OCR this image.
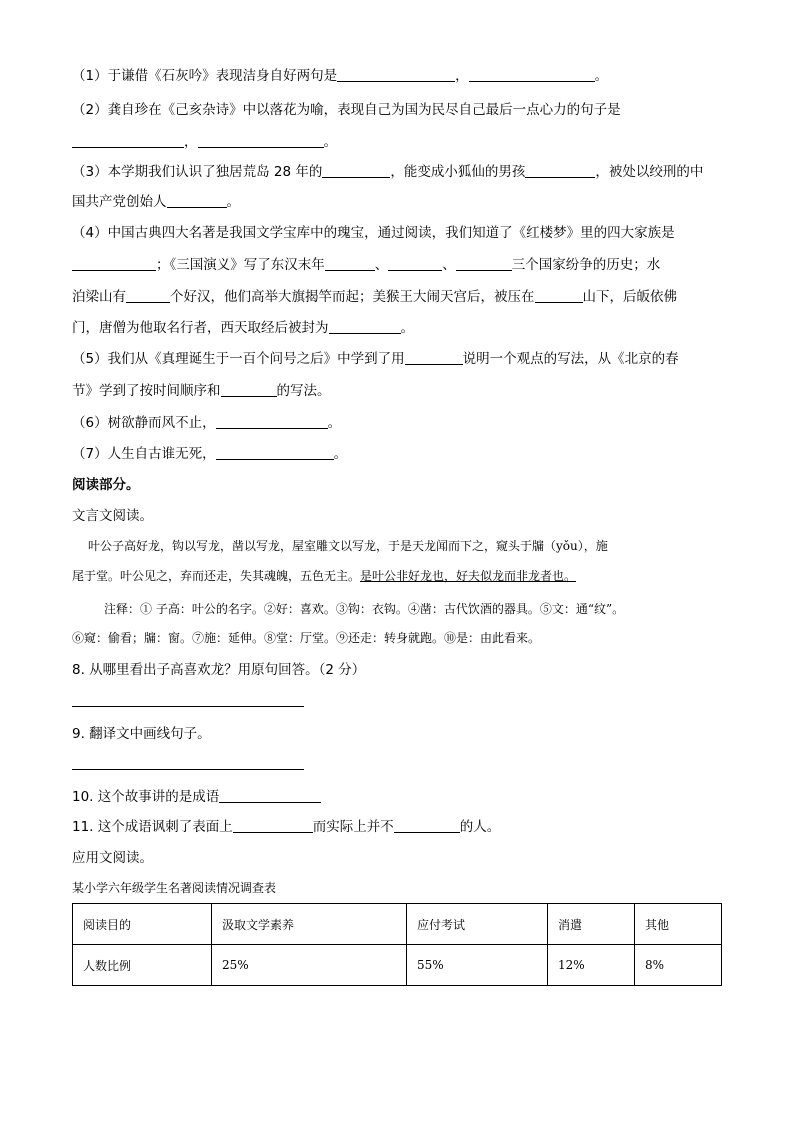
（1）于谦借《石灰吟》表现洁身自好两句是	，	。
（2）龚自珍在《己亥杂诗》中以落花为喻，表现自己为国为民尽自己最后一点心力的句子是
，	。
（3）本学期我们认识了独居荒岛 28 年的	，能变成小狐仙的男孩	，被处以绞刑的中
国共产党创始人	。
（4）中国古典四大名著是我国文学宝库中的瑰宝，通过阅读，我们知道了《红楼梦》里的四大家族是
；《三国演义》写了东汉末年	、	、	三个国家纷争的历史；水
泊梁山有	个好汉，他们高举大旗揭竿而起；美猴王大闹天宫后，被压在	山下，后皈依佛
门，唐僧为他取名行者，西天取经后被封为	。
（5）我们从《真理诞生于一百个问号之后》中学到了用	说明一个观点的写法，从《北京的春
节》学到了按时间顺序和	的写法。
（6）树欲静而风不止，	。
（7）人生自古谁无死，	。
阅读部分。
文言文阅读。
叶公子高好龙，钩以写龙，凿以写龙，屋室雕文以写龙，于是天龙闻而下之，窥头于牖（yǒu），施
尾于堂。叶公见之，弃而还走，失其魂魄，五色无主。是叶公非好龙也，好夫似龙而非龙者也。
注释：① 子高：叶公的名字。②好：喜欢。③钩：衣钩。④凿：古代饮酒的器具。⑤文：通“纹”。
⑥窥：偷看；牖：窗。⑦施：延伸。⑧堂：厅堂。⑨还走：转身就跑。⑩是：由此看来。
8. 从哪里看出子高喜欢龙？用原句回答。（2 分）
9. 翻译文中画线句子。
10. 这个故事讲的是成语
11. 这个成语讽刺了表面上	而实际上并不	的人。
应用文阅读。
某小学六年级学生名著阅读情况调查表
阅读目的	汲取文学素养	应付考试	消遣	其他
人数比例	25%	55%	12%	8%
